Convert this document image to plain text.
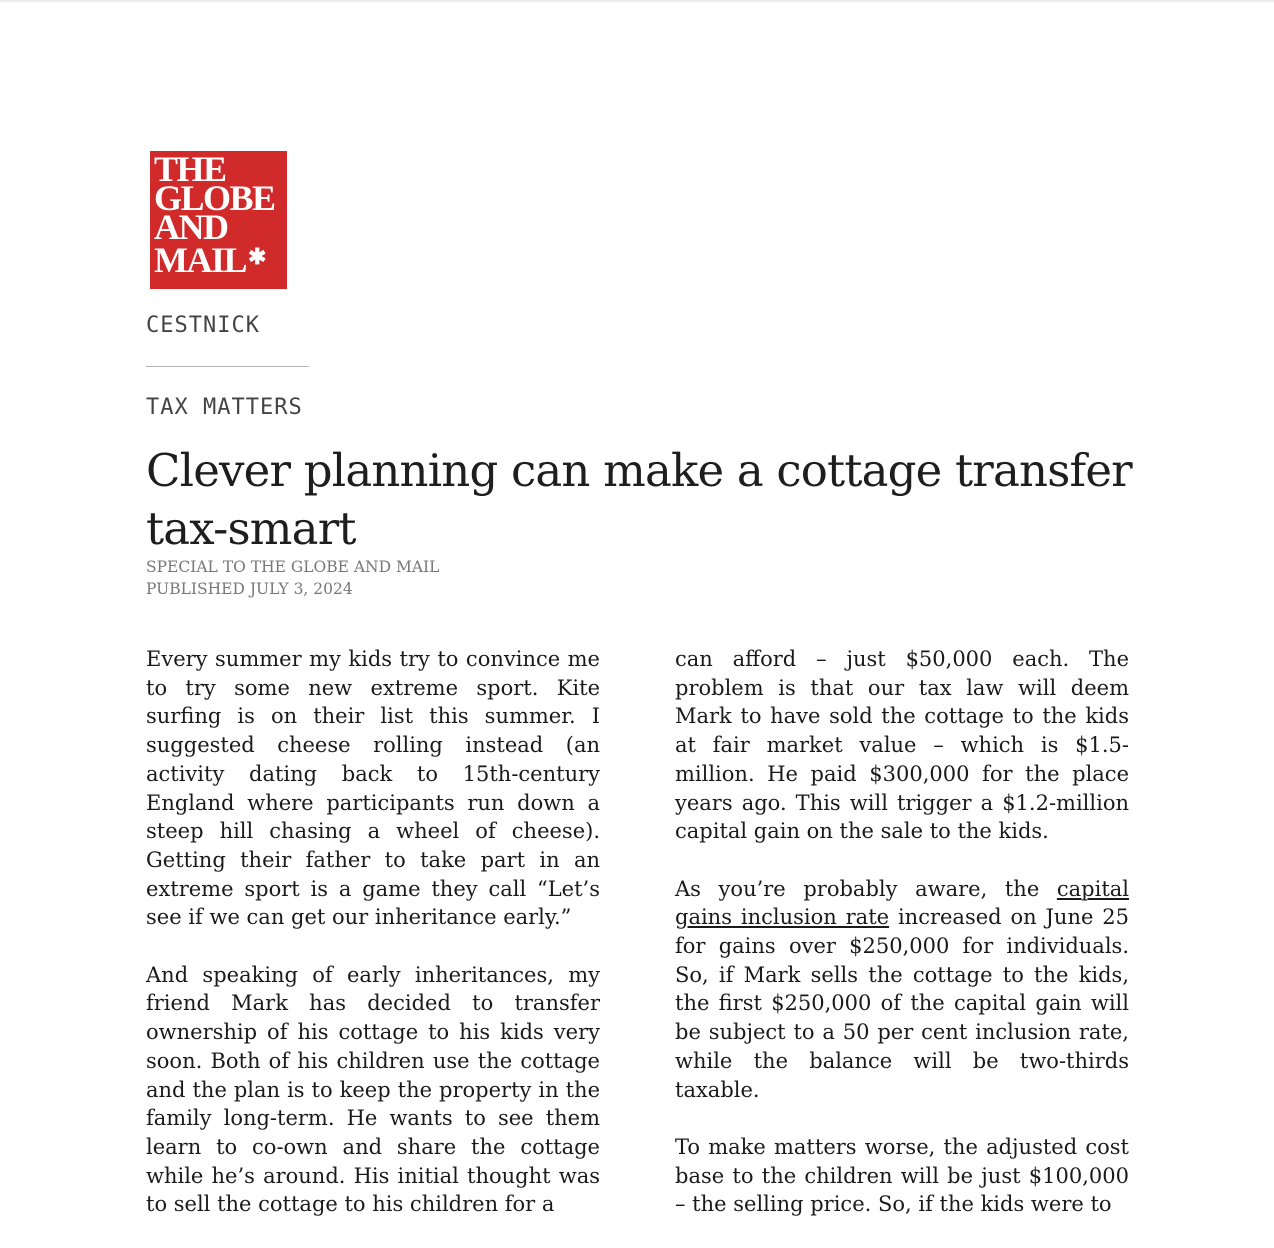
THE
GLOBE
AND
MAIL✱
CESTNICK
TAX MATTERS
Clever planning can make a cottage transfer tax-smart
SPECIAL TO THE GLOBE AND MAIL
PUBLISHED JULY 3, 2024

Every summer my kids try to convince me to try some new extreme sport. Kite surfing is on their list this summer. I suggested cheese rolling instead (an activity dating back to 15th-century England where participants run down a steep hill chasing a wheel of cheese). Getting their father to take part in an extreme sport is a game they call “Let’s see if we can get our inheritance early.”

And speaking of early inheritances, my friend Mark has decided to transfer ownership of his cottage to his kids very soon. Both of his children use the cottage and the plan is to keep the property in the family long-term. He wants to see them learn to co-own and share the cottage while he’s around. His initial thought was to sell the cottage to his children for a

can afford – just $50,000 each. The problem is that our tax law will deem Mark to have sold the cottage to the kids at fair market value – which is $1.5-million. He paid $300,000 for the place years ago. This will trigger a $1.2-million capital gain on the sale to the kids.

As you’re probably aware, the capital gains inclusion rate increased on June 25 for gains over $250,000 for individuals. So, if Mark sells the cottage to the kids, the first $250,000 of the capital gain will be subject to a 50 per cent inclusion rate, while the balance will be two-thirds taxable.

To make matters worse, the adjusted cost base to the children will be just $100,000 – the selling price. So, if the kids were to
